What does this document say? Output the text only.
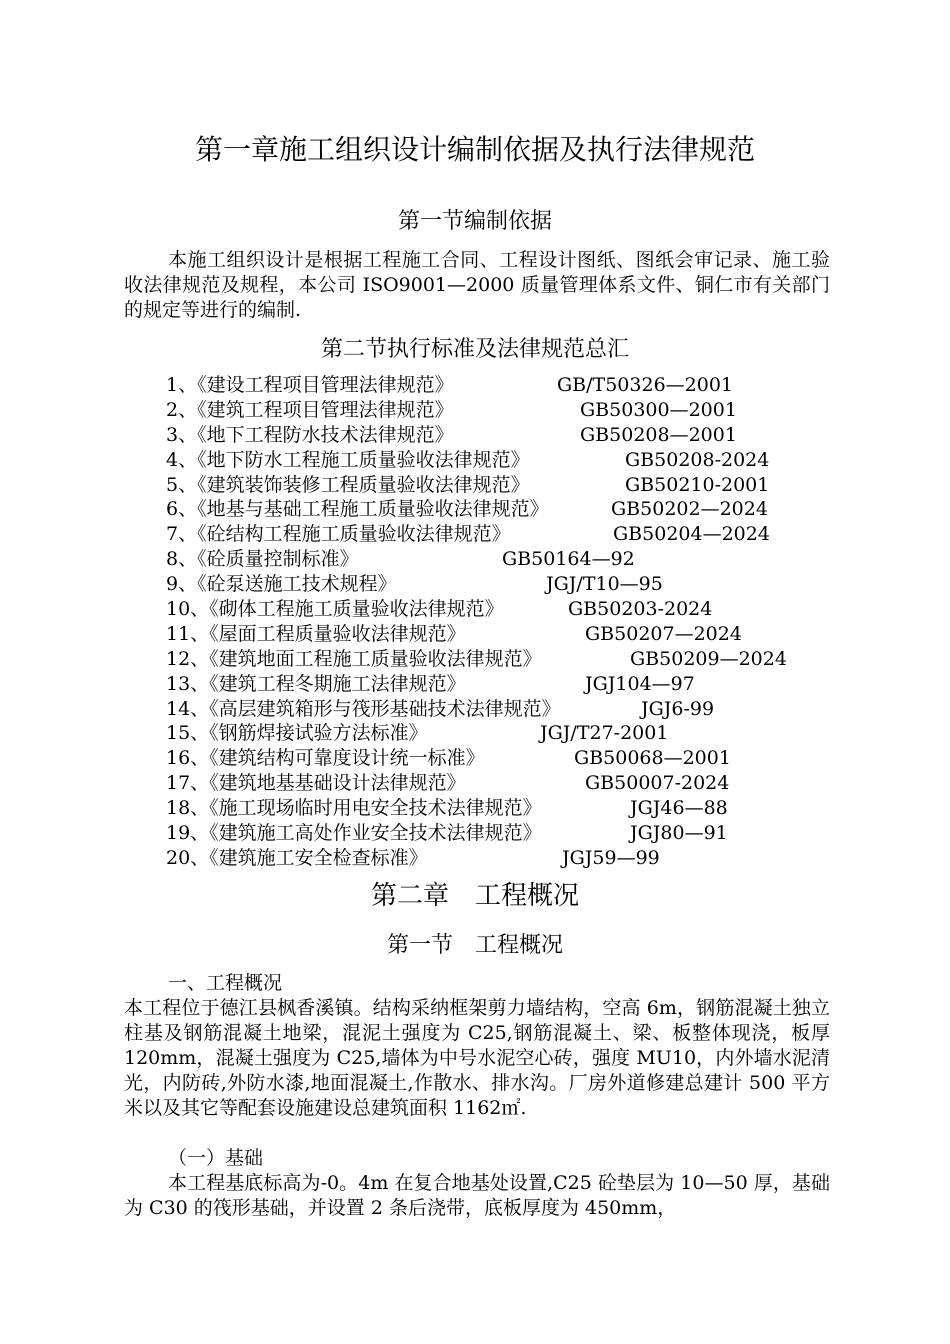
第一章施工组织设计编制依据及执行法律规范
第一节编制依据
本施工组织设计是根据工程施工合同、工程设计图纸、图纸会审记录、施工验收法律规范及规程，本公司 ISO9001—2000 质量管理体系文件、铜仁市有关部门的规定等进行的编制.
第二节执行标准及法律规范总汇
1、《建设工程项目管理法律规范》	GB/T50326—2001
2、《建筑工程项目管理法律规范》	GB50300—2001
3、《地下工程防水技术法律规范》	GB50208—2001
4、《地下防水工程施工质量验收法律规范》	GB50208-2024
5、《建筑装饰装修工程质量验收法律规范》	GB50210-2001
6、《地基与基础工程施工质量验收法律规范》	GB50202—2024
7、《砼结构工程施工质量验收法律规范》	GB50204—2024
8、《砼质量控制标准》	GB50164—92
9、《砼泵送施工技术规程》	JGJ/T10—95
10、《砌体工程施工质量验收法律规范》	GB50203-2024
11、《屋面工程质量验收法律规范》	GB50207—2024
12、《建筑地面工程施工质量验收法律规范》	GB50209—2024
13、《建筑工程冬期施工法律规范》	JGJ104—97
14、《高层建筑箱形与筏形基础技术法律规范》	JGJ6-99
15、《钢筋焊接试验方法标准》	JGJ/T27-2001
16、《建筑结构可靠度设计统一标准》	GB50068—2001
17、《建筑地基基础设计法律规范》	GB50007-2024
18、《施工现场临时用电安全技术法律规范》	JGJ46—88
19、《建筑施工高处作业安全技术法律规范》	JGJ80—91
20、《建筑施工安全检查标准》	JGJ59—99
第二章　工程概况
第一节　工程概况
一、工程概况
本工程位于德江县枫香溪镇。结构采纳框架剪力墙结构，空高 6m，钢筋混凝土独立柱基及钢筋混凝土地梁，混泥土强度为 C25,钢筋混凝土、梁、板整体现浇，板厚 120mm，混凝土强度为 C25,墙体为中号水泥空心砖，强度 MU10，内外墙水泥清光，内防砖,外防水漆,地面混凝土,作散水、排水沟。厂房外道修建总建计 500 平方米以及其它等配套设施建设总建筑面积 1162㎡.
（一）基础
本工程基底标高为-0。4m 在复合地基处设置,C25 砼垫层为 10—50 厚，基础为 C30 的筏形基础，并设置 2 条后浇带，底板厚度为 450mm，
